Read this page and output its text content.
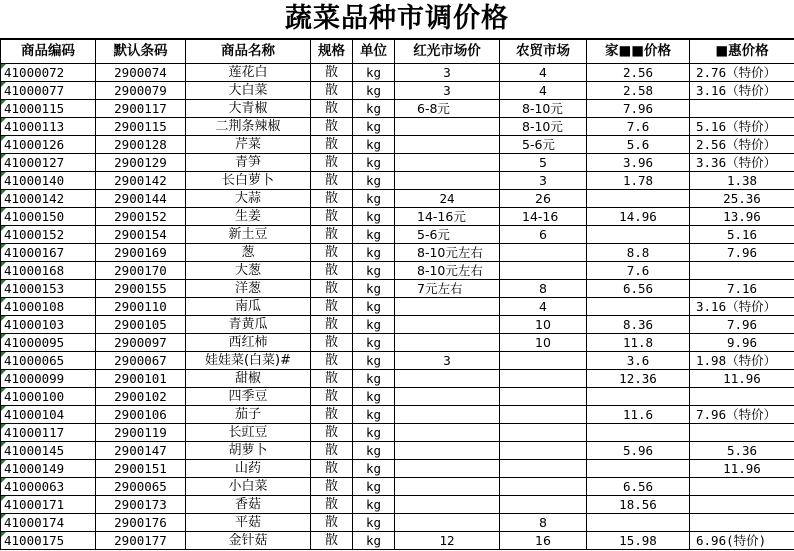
蔬菜品种市调价格
商品编码	默认条码	商品名称	规格	单位	红光市场价	农贸市场	家■■价格	■惠价格
41000072	2900074	莲花白	散	kg	3	4	2.56	2.76（特价）
41000077	2900079	大白菜	散	kg	3	4	2.58	3.16（特价）
41000115	2900117	大青椒	散	kg	6-8元	8-10元	7.96	
41000113	2900115	二荆条辣椒	散	kg		8-10元	7.6	5.16（特价）
41000126	2900128	芹菜	散	kg		5-6元	5.6	2.56（特价）
41000127	2900129	青笋	散	kg		5	3.96	3.36（特价）
41000140	2900142	长白萝卜	散	kg		3	1.78	1.38
41000142	2900144	大蒜	散	kg	24	26		25.36
41000150	2900152	生姜	散	kg	14-16元	14-16	14.96	13.96
41000152	2900154	新土豆	散	kg	5-6元	6		5.16
41000167	2900169	葱	散	kg	8-10元左右		8.8	7.96
41000168	2900170	大葱	散	kg	8-10元左右		7.6	
41000153	2900155	洋葱	散	kg	7元左右	8	6.56	7.16
41000108	2900110	南瓜	散	kg		4		3.16（特价）
41000103	2900105	青黄瓜	散	kg		10	8.36	7.96
41000095	2900097	西红柿	散	kg		10	11.8	9.96
41000065	2900067	娃娃菜(白菜)#	散	kg	3		3.6	1.98（特价）
41000099	2900101	甜椒	散	kg			12.36	11.96
41000100	2900102	四季豆	散	kg				
41000104	2900106	茄子	散	kg			11.6	7.96（特价）
41000117	2900119	长豇豆	散	kg				
41000145	2900147	胡萝卜	散	kg			5.96	5.36
41000149	2900151	山药	散	kg				11.96
41000063	2900065	小白菜	散	kg			6.56	
41000171	2900173	香菇	散	kg			18.56	
41000174	2900176	平菇	散	kg		8		
41000175	2900177	金针菇	散	kg	12	16	15.98	6.96(特价)
